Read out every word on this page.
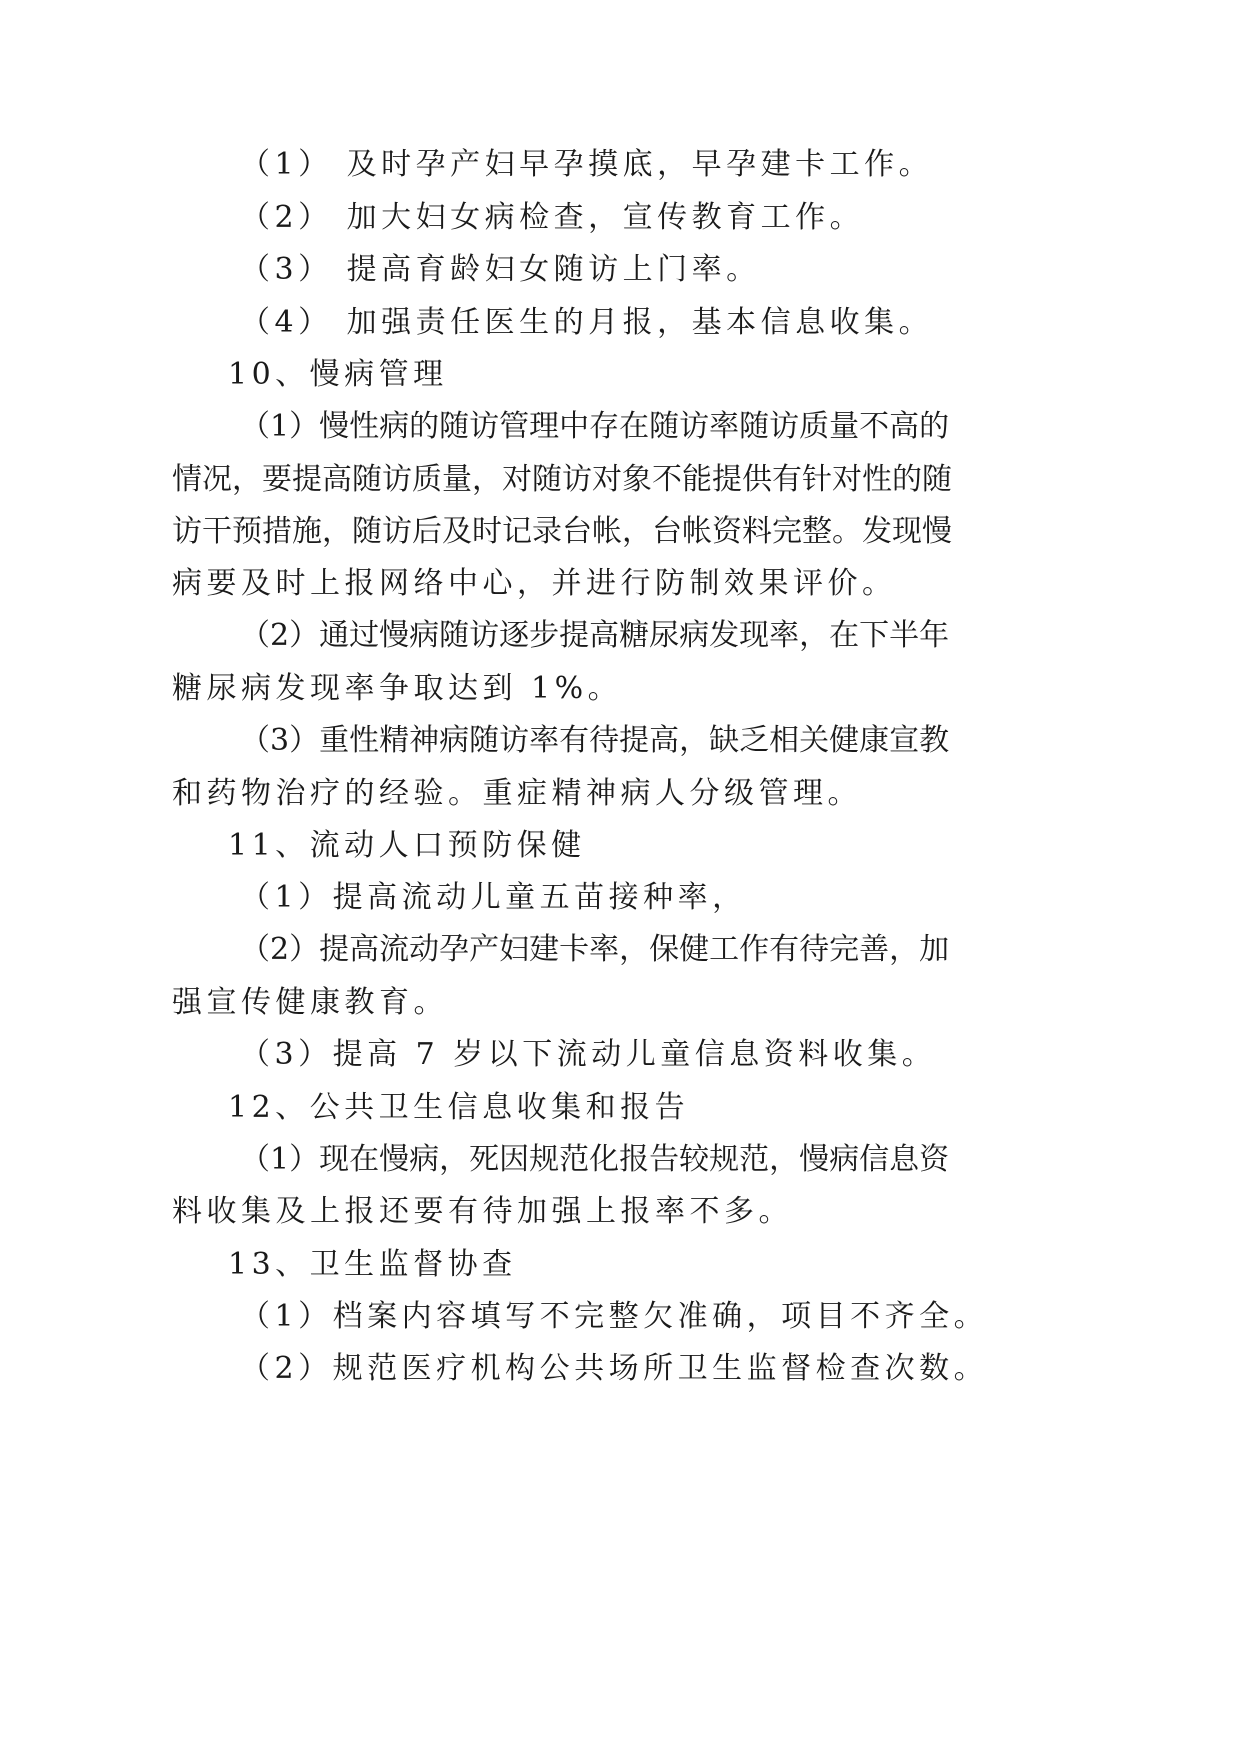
（1） 及时孕产妇早孕摸底，早孕建卡工作。
（2） 加大妇女病检查，宣传教育工作。
（3） 提高育龄妇女随访上门率。
（4） 加强责任医生的月报，基本信息收集。
10、慢病管理
（ 1 ） 慢 性 病 的 随 访 管 理 中 存 在 随 访 率 随 访 质 量 不 高 的
情 况 ， 要 提 高 随 访 质 量 ， 对 随 访 对 象 不 能 提 供 有 针 对 性 的 随
访 干 预 措 施 ， 随 访 后 及 时 记 录 台 帐 ， 台 帐 资 料 完 整 。 发 现 慢
病要及时上报网络中心，并进行防制效果评价。
（ 2 ） 通 过 慢 病 随 访 逐 步 提 高 糖 尿 病 发 现 率 ， 在 下 半 年
糖尿病发现率争取达到 1%。
（ 3 ） 重 性 精 神 病 随 访 率 有 待 提 高 ， 缺 乏 相 关 健 康 宣 教
和药物治疗的经验。重症精神病人分级管理。
11、流动人口预防保健
（1）提高流动儿童五苗接种率，
（ 2 ） 提 高 流 动 孕 产 妇 建 卡 率 ， 保 健 工 作 有 待 完 善 ， 加
强宣传健康教育。
（3）提高 7 岁以下流动儿童信息资料收集。
12、公共卫生信息收集和报告
（ 1 ） 现 在 慢 病 ， 死 因 规 范 化 报 告 较 规 范 ， 慢 病 信 息 资
料收集及上报还要有待加强上报率不多。
13、卫生监督协查
（1）档案内容填写不完整欠准确，项目不齐全。
（2）规范医疗机构公共场所卫生监督检查次数。
